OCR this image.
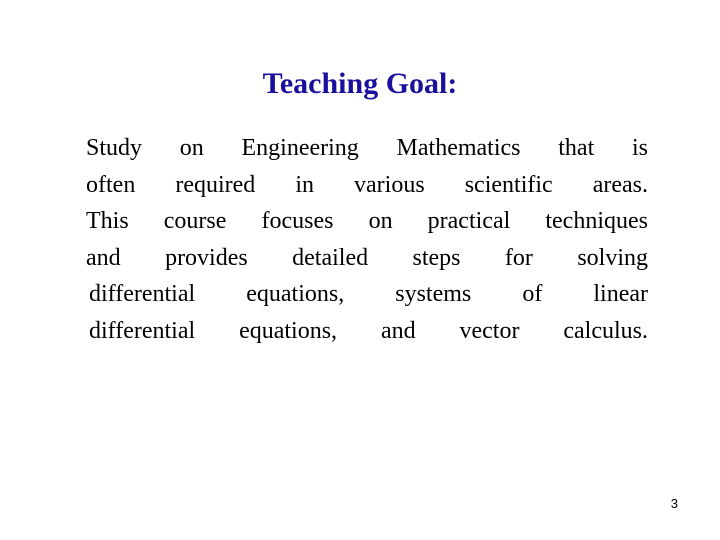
Teaching Goal:
Study on Engineering Mathematics that is
often required in various scientific areas.
This course focuses on practical techniques
and provides detailed steps for solving
differential equations, systems of linear
differential equations, and vector calculus.
3
